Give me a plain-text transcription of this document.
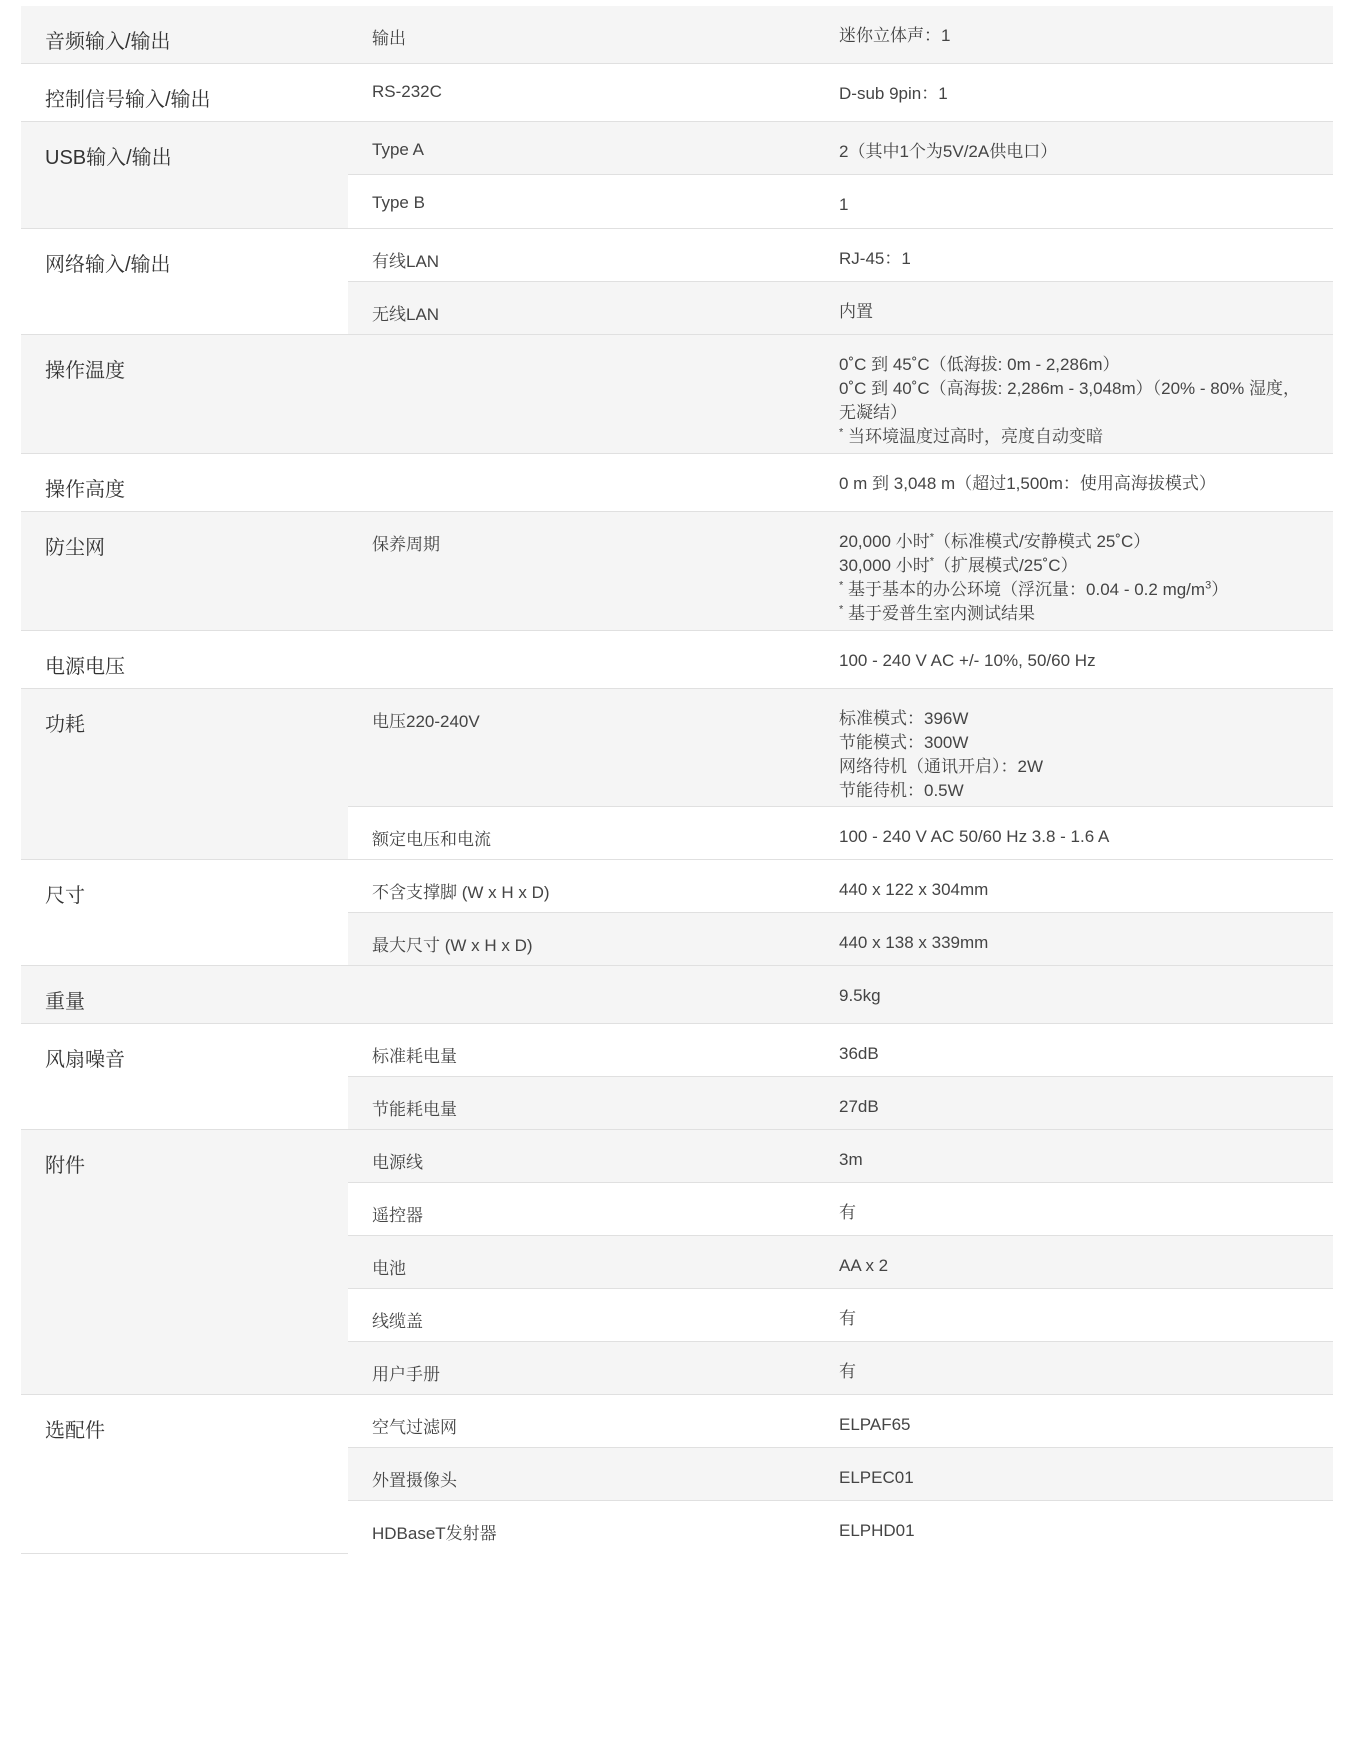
音频输入/输出	输出	迷你立体声：1
控制信号输入/输出	RS-232C	D-sub 9pin：1
USB输入/输出	Type A	2（其中1个为5V/2A供电口）
	Type B	1
网络输入/输出	有线LAN	RJ-45：1
	无线LAN	内置
操作温度		0˚C 到 45˚C（低海拔: 0m - 2,286m）
0˚C 到 40˚C（高海拔: 2,286m - 3,048m）（20% - 80% 湿度，无凝结）
* 当环境温度过高时，亮度自动变暗

操作高度		0 m 到 3,048 m（超过1,500m：使用高海拔模式）
防尘网	保养周期	20,000 小时*（标准模式/安静模式 25˚C）
30,000 小时*（扩展模式/25˚C）
* 基于基本的办公环境（浮沉量：0.04 - 0.2 $mg/m^3$）
* 基于爱普生室内测试结果

电源电压		100 - 240 V AC +/- 10%, 50/60 Hz
功耗	电压220-240V	标准模式：396W
节能模式：300W
网络待机（通讯开启）：2W
节能待机：0.5W

	额定电压和电流	100 - 240 V AC 50/60 Hz 3.8 - 1.6 A
尺寸	不含支撑脚 (W x H x D)	440 x 122 x 304mm
	最大尺寸 (W x H x D)	440 x 138 x 339mm
重量		9.5kg
风扇噪音	标准耗电量	36dB
	节能耗电量	27dB
附件	电源线	3m
	遥控器	有
	电池	AA x 2
	线缆盖	有
	用户手册	有
选配件	空气过滤网	ELPAF65
	外置摄像头	ELPEC01
	HDBaseT发射器	ELPHD01
